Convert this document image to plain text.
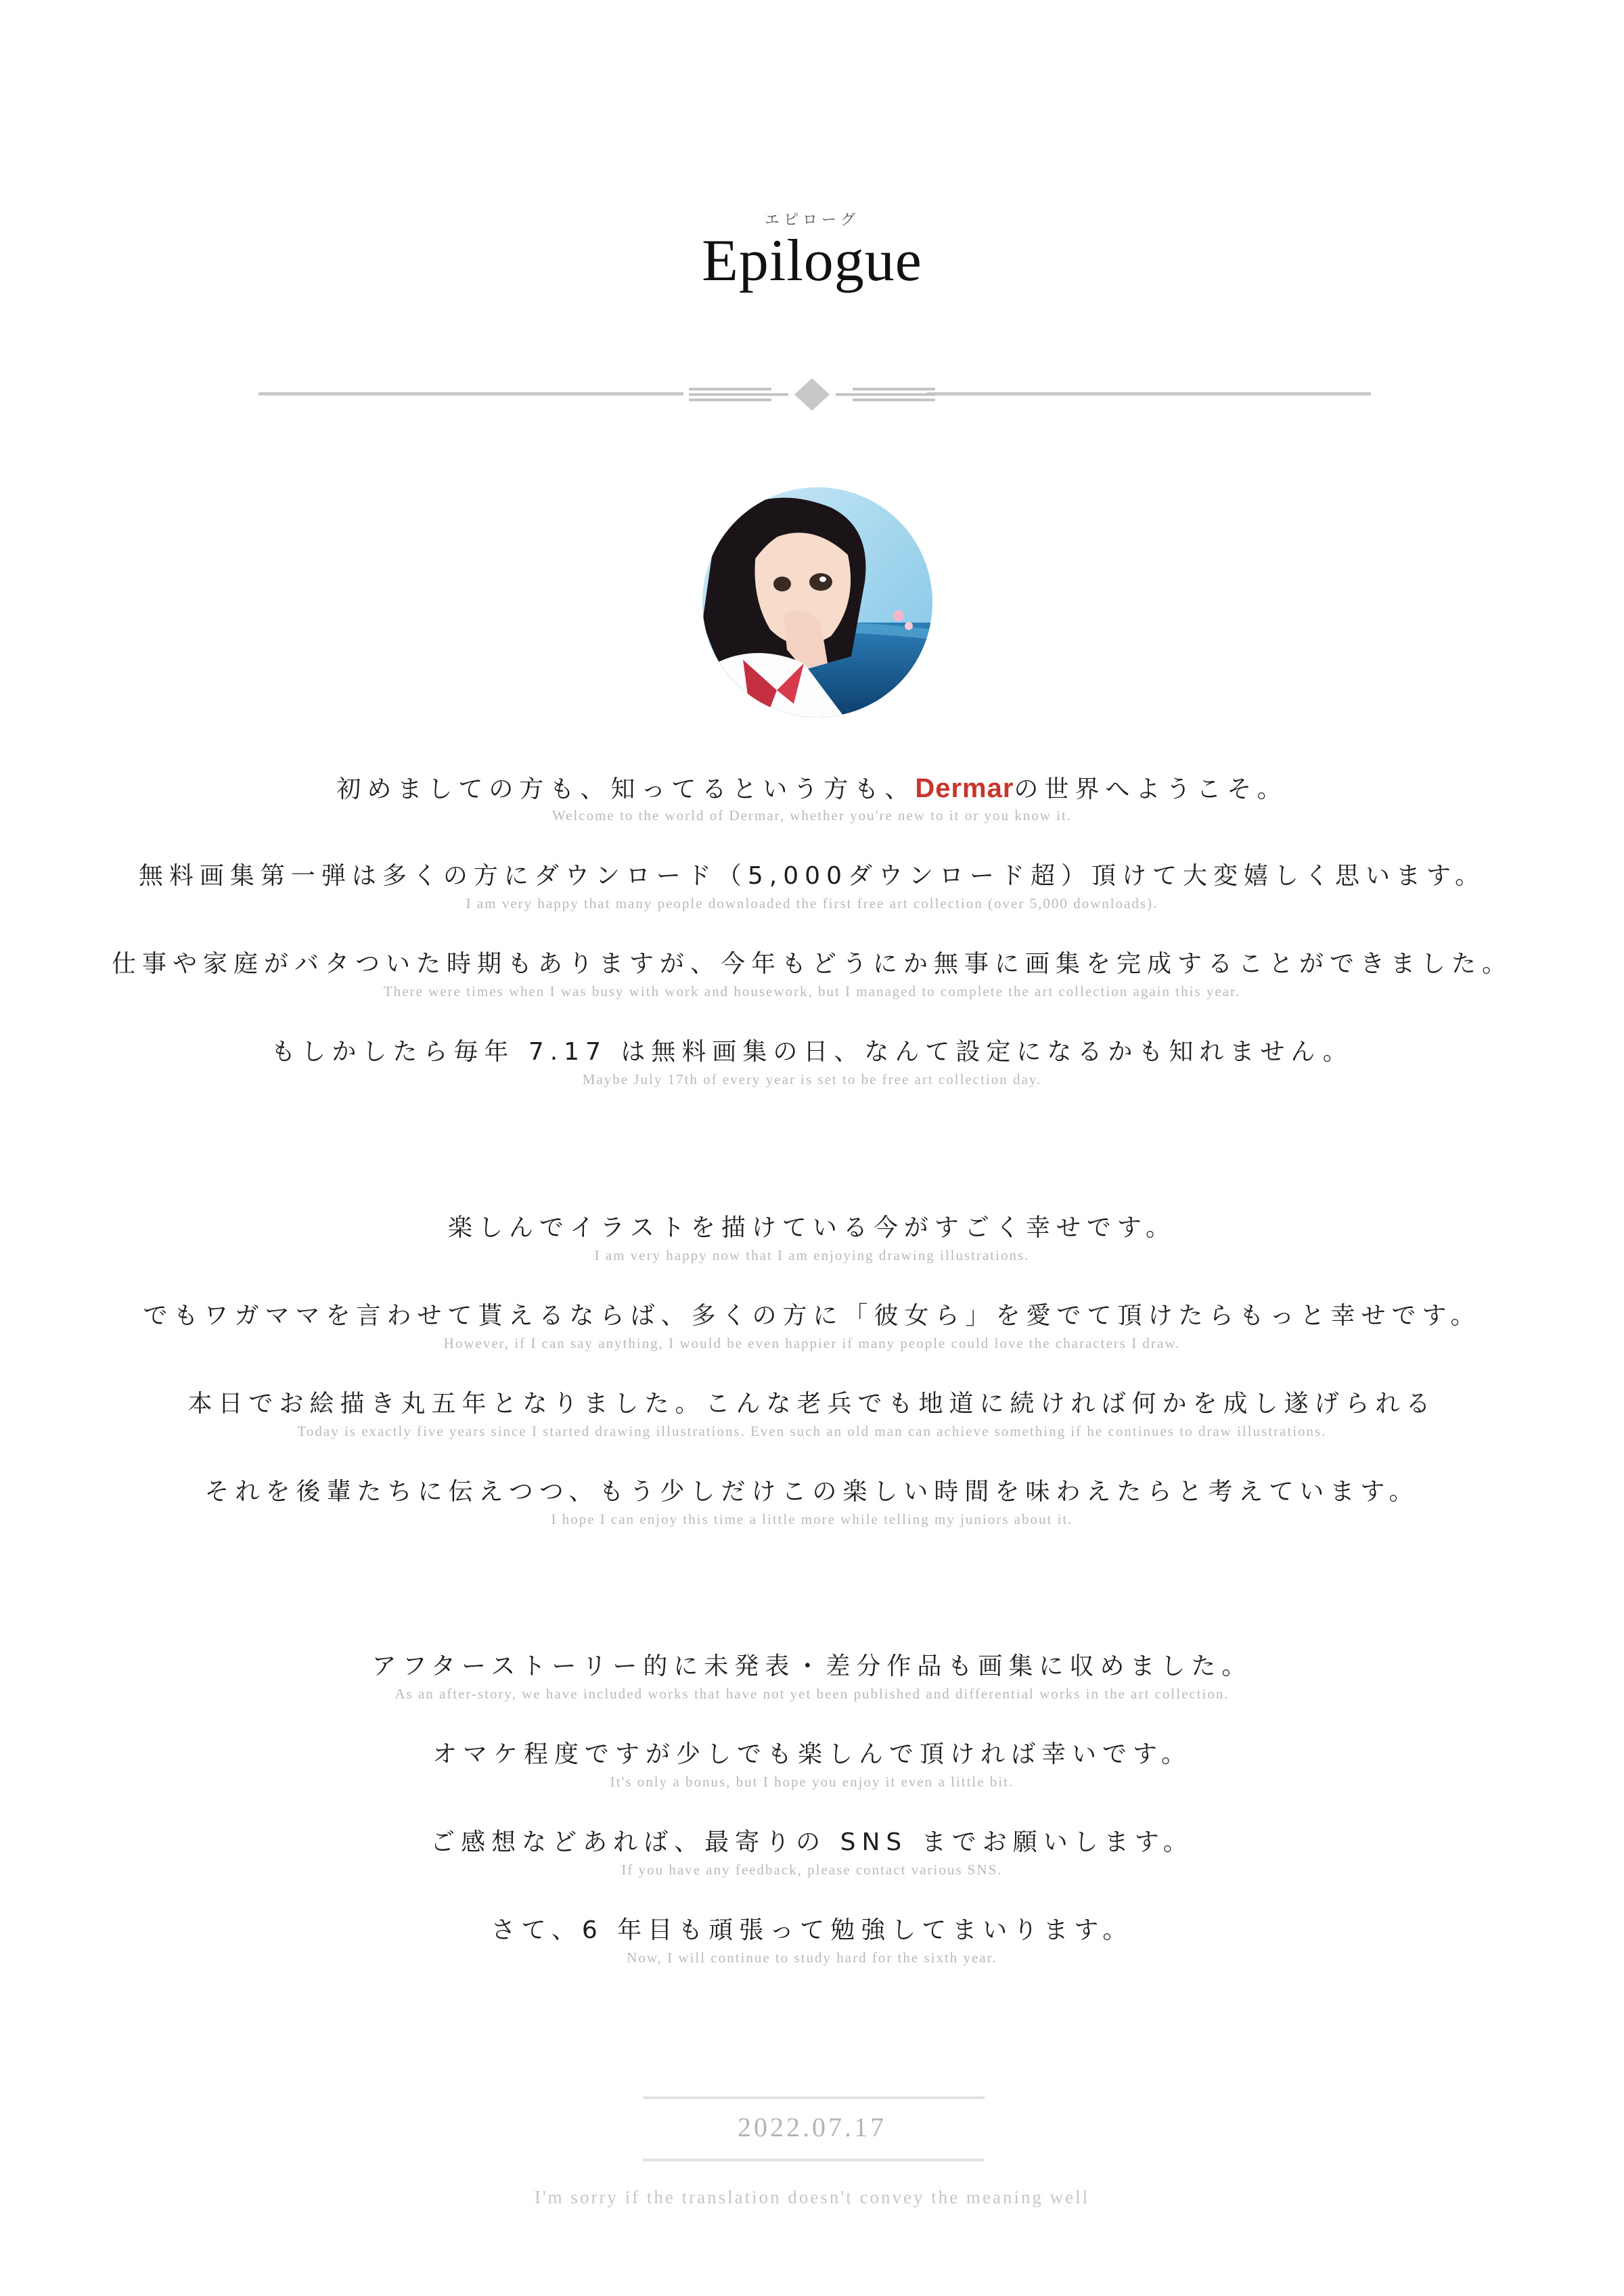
エピローグ
Epilogue
初めましての方も、知ってるという方も、Dermarの世界へようこそ。
Welcome to the world of Dermar, whether you're new to it or you know it.
無料画集第一弾は多くの方にダウンロード（5,000ダウンロード超）頂けて大変嬉しく思います。
I am very happy that many people downloaded the first free art collection (over 5,000 downloads).
仕事や家庭がバタついた時期もありますが、今年もどうにか無事に画集を完成することができました。
There were times when I was busy with work and housework, but I managed to complete the art collection again this year.
もしかしたら毎年 7.17 は無料画集の日、なんて設定になるかも知れません。
Maybe July 17th of every year is set to be free art collection day.
楽しんでイラストを描けている今がすごく幸せです。
I am very happy now that I am enjoying drawing illustrations.
でもワガママを言わせて貰えるならば、多くの方に「彼女ら」を愛でて頂けたらもっと幸せです。
However, if I can say anything, I would be even happier if many people could love the characters I draw.
本日でお絵描き丸五年となりました。こんな老兵でも地道に続ければ何かを成し遂げられる
Today is exactly five years since I started drawing illustrations. Even such an old man can achieve something if he continues to draw illustrations.
それを後輩たちに伝えつつ、もう少しだけこの楽しい時間を味わえたらと考えています。
I hope I can enjoy this time a little more while telling my juniors about it.
アフターストーリー的に未発表・差分作品も画集に収めました。
As an after-story, we have included works that have not yet been published and differential works in the art collection.
オマケ程度ですが少しでも楽しんで頂ければ幸いです。
It's only a bonus, but I hope you enjoy it even a little bit.
ご感想などあれば、最寄りの SNS までお願いします。
If you have any feedback, please contact various SNS.
さて、6 年目も頑張って勉強してまいります。
Now, I will continue to study hard for the sixth year.
2022.07.17
I'm sorry if the translation doesn't convey the meaning well
